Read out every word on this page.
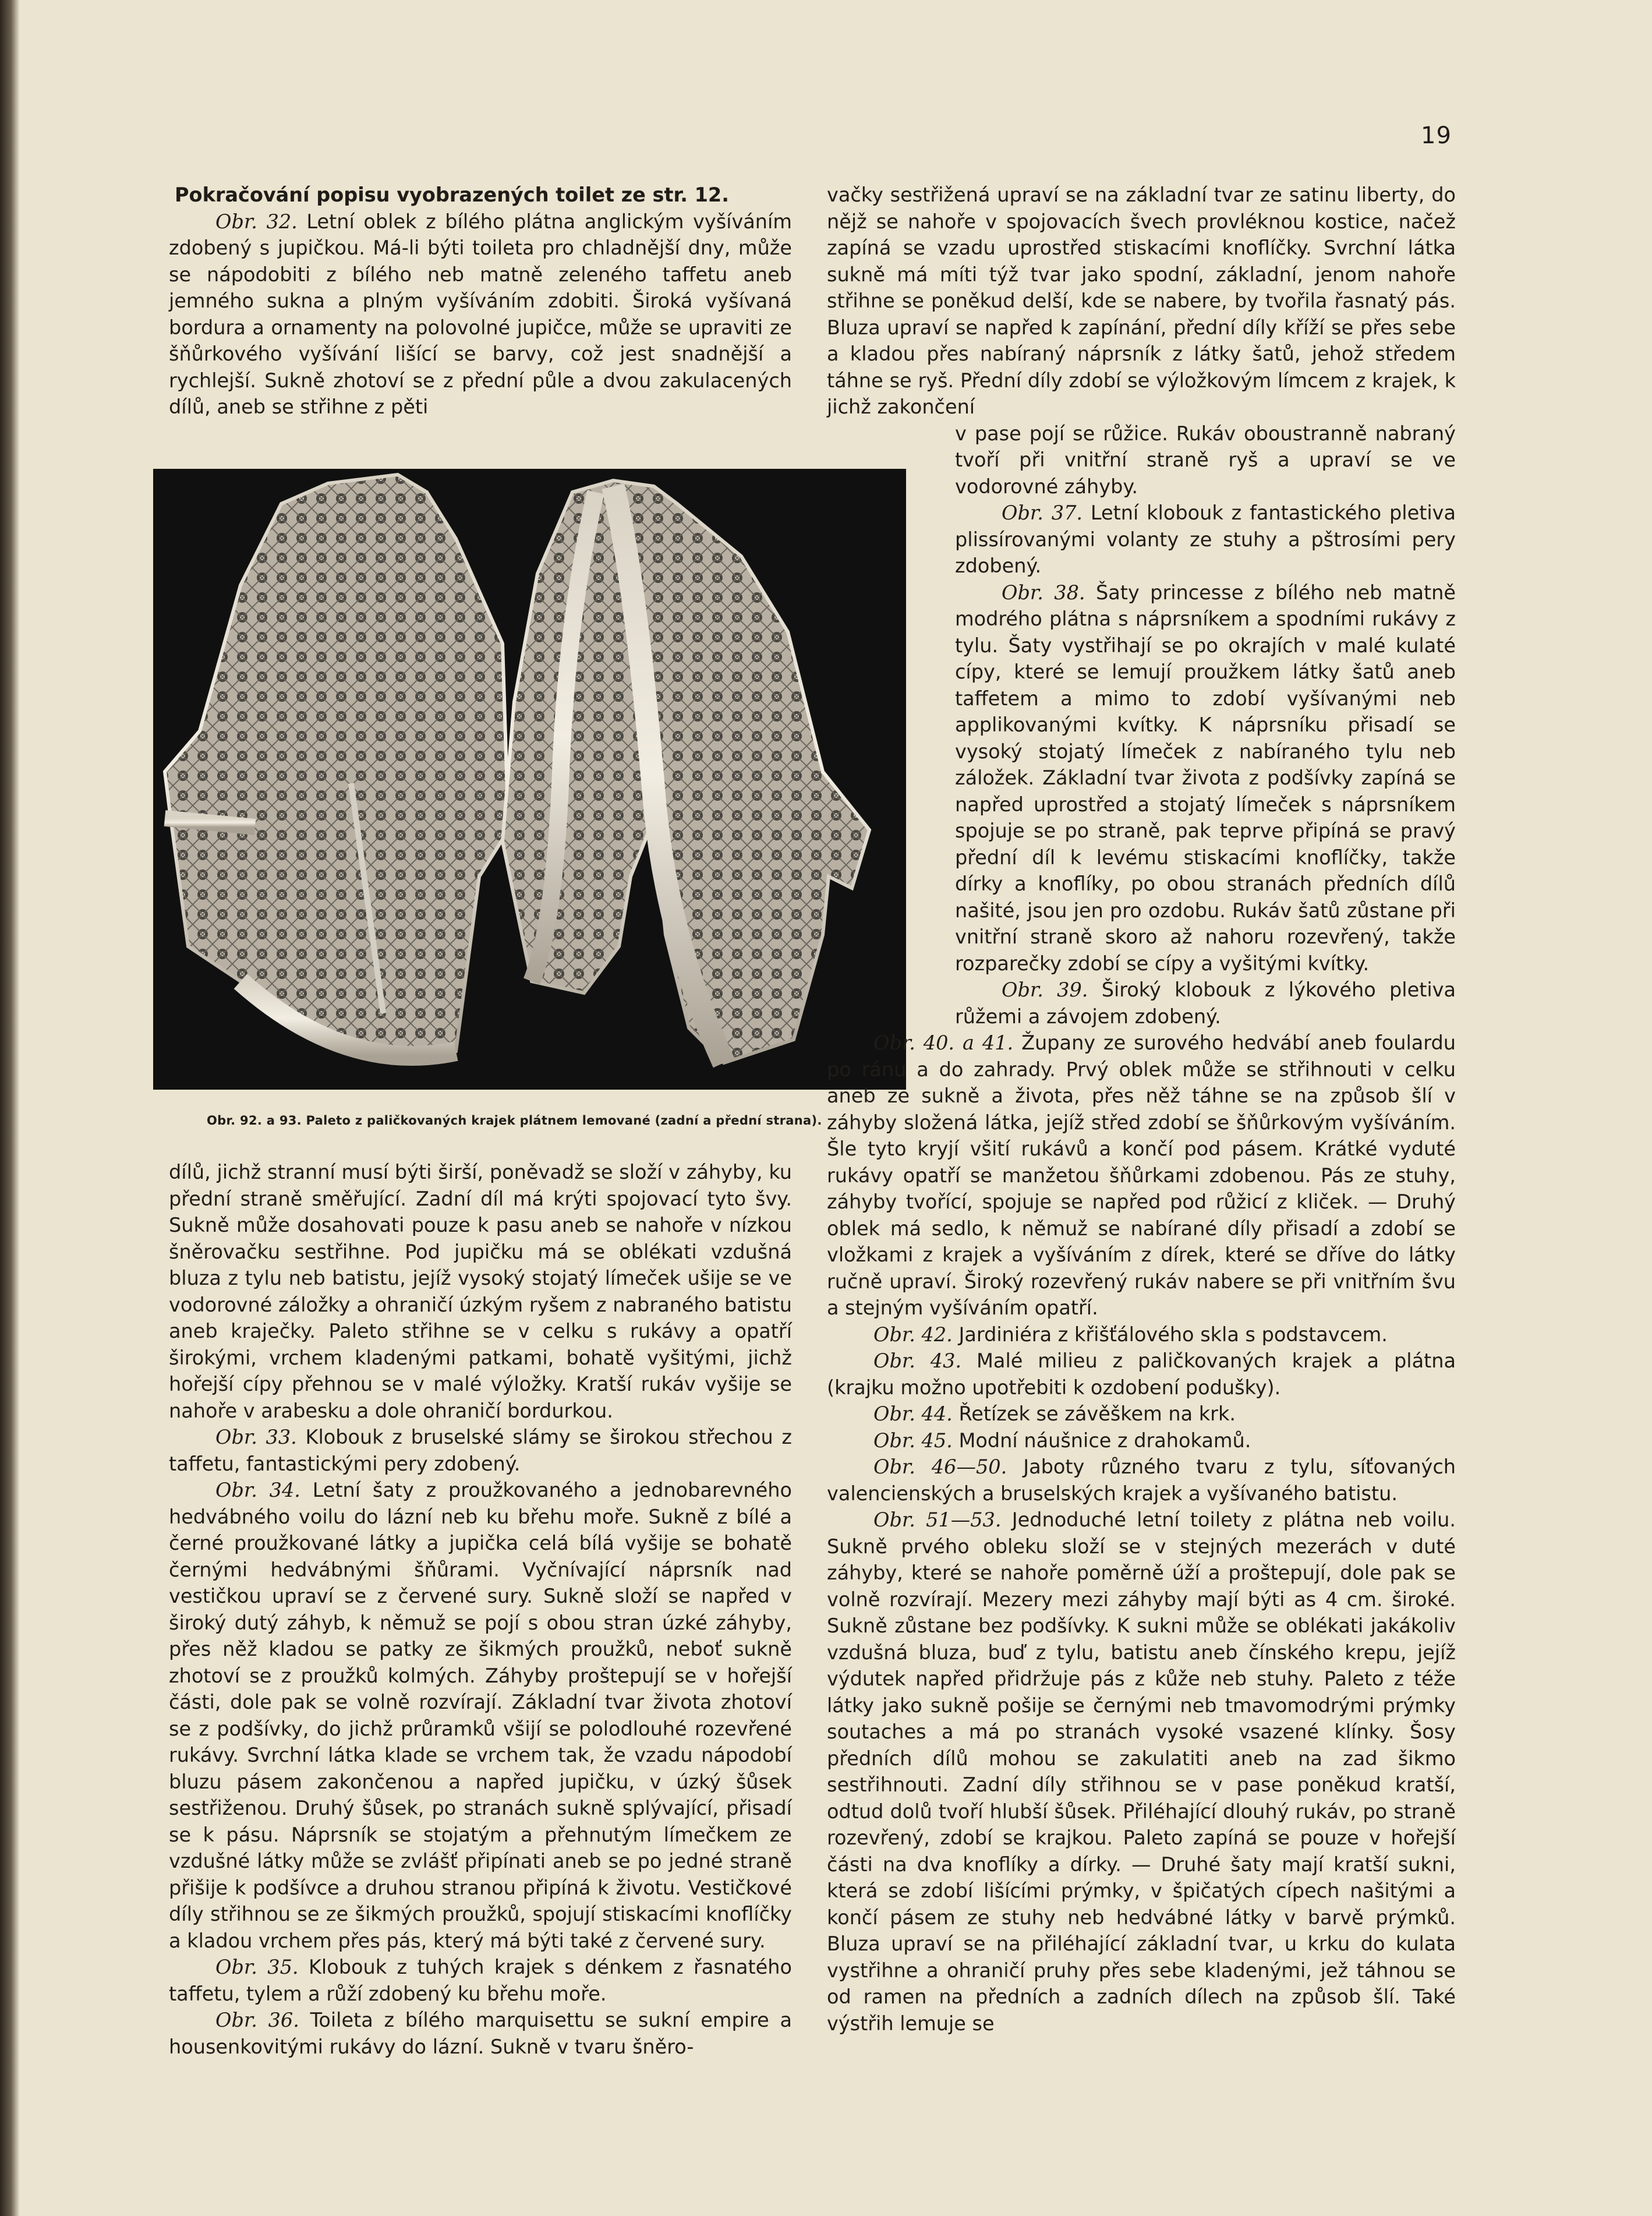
19

Pokračování popisu vyobrazených toilet ze str. 12.

Obr. 32. Letní oblek z bílého plátna anglickým vyšíváním zdobený s jupičkou. Má-li býti toileta pro chladnější dny, může se nápodobiti z bílého neb matně zeleného taffetu aneb jemného sukna a plným vyšíváním zdobiti. Široká vyšívaná bordura a ornamenty na polovolné jupičce, může se upraviti ze šňůrkového vyšívání lišící se barvy, což jest snadnější a rychlejší. Sukně zhotoví se z přední půle a dvou zakulacených dílů, aneb se střihne z pěti

Obr. 92. a 93. Paleto z paličkovaných krajek plátnem lemované (zadní a přední strana).

dílů, jichž stranní musí býti širší, poněvadž se složí v záhyby, ku přední straně směřující. Zadní díl má krýti spojovací tyto švy. Sukně může dosahovati pouze k pasu aneb se nahoře v nízkou šněrovačku sestřihne. Pod jupičku má se oblékati vzdušná bluza z tylu neb batistu, jejíž vysoký stojatý límeček ušije se ve vodorovné záložky a ohraničí úzkým ryšem z nabraného batistu aneb kraječky. Paleto střihne se v celku s rukávy a opatří širokými, vrchem kladenými patkami, bohatě vyšitými, jichž hořejší cípy přehnou se v malé výložky. Kratší rukáv vyšije se nahoře v arabesku a dole ohraničí bordurkou.

Obr. 33. Klobouk z bruselské slámy se širokou střechou z taffetu, fantastickými pery zdobený.

Obr. 34. Letní šaty z proužkovaného a jednobarevného hedvábného voilu do lázní neb ku břehu moře. Sukně z bílé a černé proužkované látky a jupička celá bílá vyšije se bohatě černými hedvábnými šňůrami. Vyčnívající náprsník nad vestičkou upraví se z červené sury. Sukně složí se napřed v široký dutý záhyb, k němuž se pojí s obou stran úzké záhyby, přes něž kladou se patky ze šikmých proužků, neboť sukně zhotoví se z proužků kolmých. Záhyby proštepují se v hořejší části, dole pak se volně rozvírají. Základní tvar života zhotoví se z podšívky, do jichž průramků všijí se polodlouhé rozevřené rukávy. Svrchní látka klade se vrchem tak, že vzadu nápodobí bluzu pásem zakončenou a napřed jupičku, v úzký šůsek sestřiženou. Druhý šůsek, po stranách sukně splývající, přisadí se k pásu. Náprsník se stojatým a přehnutým límečkem ze vzdušné látky může se zvlášť připínati aneb se po jedné straně přišije k podšívce a druhou stranou připíná k životu. Vestičkové díly střihnou se ze šikmých proužků, spojují stiskacími knoflíčky a kladou vrchem přes pás, který má býti také z červené sury.

Obr. 35. Klobouk z tuhých krajek s dénkem z řasnatého taffetu, tylem a růží zdobený ku břehu moře.

Obr. 36. Toileta z bílého marquisettu se sukní empire a housenkovitými rukávy do lázní. Sukně v tvaru šněro-

vačky sestřižená upraví se na základní tvar ze satinu liberty, do nějž se nahoře v spojovacích švech provléknou kostice, načež zapíná se vzadu uprostřed stiskacími knoflíčky. Svrchní látka sukně má míti týž tvar jako spodní, základní, jenom nahoře střihne se poněkud delší, kde se nabere, by tvořila řasnatý pás. Bluza upraví se napřed k zapínání, přední díly kříží se přes sebe a kladou přes nabíraný náprsník z látky šatů, jehož středem táhne se ryš. Přední díly zdobí se výložkovým límcem z krajek, k jichž zakončení

v pase pojí se růžice. Rukáv oboustranně nabraný tvoří při vnitřní straně ryš a upraví se ve vodorovné záhyby.

Obr. 37. Letní klobouk z fantastického pletiva plissírovanými volanty ze stuhy a pštrosími pery zdobený.

Obr. 38. Šaty princesse z bílého neb matně modrého plátna s náprsníkem a spodními rukávy z tylu. Šaty vystřihají se po okrajích v malé kulaté cípy, které se lemují proužkem látky šatů aneb taffetem a mimo to zdobí vyšívanými neb applikovanými kvítky. K náprsníku přisadí se vysoký stojatý límeček z nabíraného tylu neb záložek. Základní tvar života z podšívky zapíná se napřed uprostřed a stojatý límeček s náprsníkem spojuje se po straně, pak teprve připíná se pravý přední díl k levému stiskacími knoflíčky, takže dírky a knoflíky, po obou stranách předních dílů našité, jsou jen pro ozdobu. Rukáv šatů zůstane při vnitřní straně skoro až nahoru rozevřený, takže rozparečky zdobí se cípy a vyšitými kvítky.

Obr. 39. Široký klobouk z lýkového pletiva růžemi a závojem zdobený.

Obr. 40. a 41. Župany ze surového hedvábí aneb foulardu po ránu a do zahrady. Prvý oblek může se střihnouti v celku aneb ze sukně a života, přes něž táhne se na způsob šlí v záhyby složená látka, jejíž střed zdobí se šňůrkovým vyšíváním. Šle tyto kryjí všití rukávů a končí pod pásem. Krátké vyduté rukávy opatří se manžetou šňůrkami zdobenou. Pás ze stuhy, záhyby tvořící, spojuje se napřed pod růžicí z kliček. — Druhý oblek má sedlo, k němuž se nabírané díly přisadí a zdobí se vložkami z krajek a vyšíváním z dírek, které se dříve do látky ručně upraví. Široký rozevřený rukáv nabere se při vnitřním švu a stejným vyšíváním opatří.

Obr. 42. Jardiniéra z křišťálového skla s podstavcem.

Obr. 43. Malé milieu z paličkovaných krajek a plátna (krajku možno upotřebiti k ozdobení podušky).

Obr. 44. Řetízek se závěškem na krk.

Obr. 45. Modní náušnice z drahokamů.

Obr. 46—50. Jaboty různého tvaru z tylu, síťovaných valencienských a bruselských krajek a vyšívaného batistu.

Obr. 51—53. Jednoduché letní toilety z plátna neb voilu. Sukně prvého obleku složí se v stejných mezerách v duté záhyby, které se nahoře poměrně úží a proštepují, dole pak se volně rozvírají. Mezery mezi záhyby mají býti as 4 cm. široké. Sukně zůstane bez podšívky. K sukni může se oblékati jakákoliv vzdušná bluza, buď z tylu, batistu aneb čínského krepu, jejíž výdutek napřed přidržuje pás z kůže neb stuhy. Paleto z téže látky jako sukně pošije se černými neb tmavomodrými prýmky soutaches a má po stranách vysoké vsazené klínky. Šosy předních dílů mohou se zakulatiti aneb na zad šikmo sestřihnouti. Zadní díly střihnou se v pase poněkud kratší, odtud dolů tvoří hlubší šůsek. Přiléhající dlouhý rukáv, po straně rozevřený, zdobí se krajkou. Paleto zapíná se pouze v hořejší části na dva knoflíky a dírky. — Druhé šaty mají kratší sukni, která se zdobí lišícími prýmky, v špičatých cípech našitými a končí pásem ze stuhy neb hedvábné látky v barvě prýmků. Bluza upraví se na přiléhající základní tvar, u krku do kulata vystřihne a ohraničí pruhy přes sebe kladenými, jež táhnou se od ramen na předních a zadních dílech na způsob šlí. Také výstřih lemuje se
